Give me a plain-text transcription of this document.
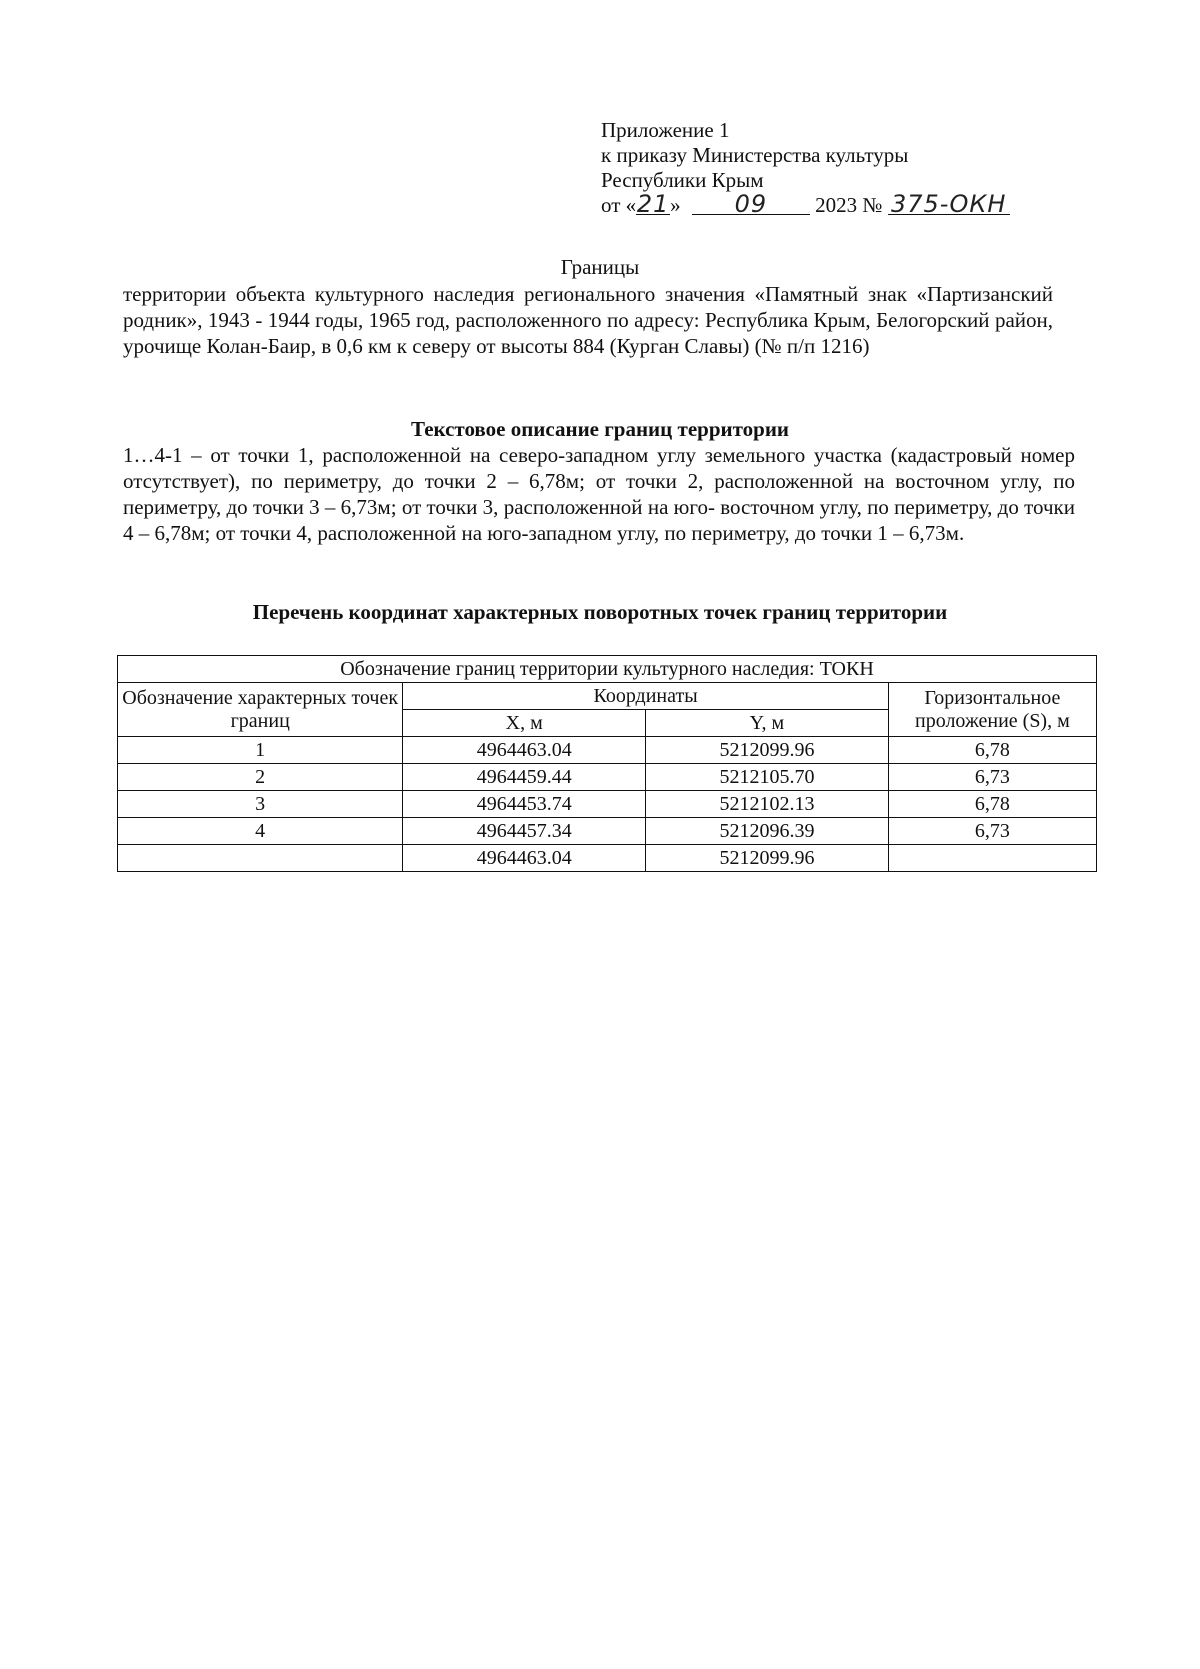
Приложение 1
к приказу Министерства культуры
Республики Крым
от «21» 09 2023 № 375-ОКН
Границы
территории объекта культурного наследия регионального значения «Памятный знак «Партизанский родник», 1943 - 1944 годы, 1965 год, расположенного по адресу: Республика Крым, Белогорский район, урочище Колан-Баир, в 0,6 км к северу от высоты 884 (Курган Славы) (№ п/п 1216)
Текстовое описание границ территории
1…4-1 – от точки 1, расположенной на северо-западном углу земельного участка (кадастровый номер отсутствует), по периметру, до точки 2 – 6,78м; от точки 2, расположенной на восточном углу, по периметру, до точки 3 – 6,73м; от точки 3, расположенной на юго- восточном углу, по периметру, до точки 4 – 6,78м; от точки 4, расположенной на юго-западном углу, по периметру, до точки 1 – 6,73м.
Перечень координат характерных поворотных точек границ территории
Обозначение границ территории культурного наследия: ТОКН			
Обозначение характерных точек границ	Координаты		Горизонтальное проложение (S), м
	X, м	Y, м	
1	4964463.04	5212099.96	6,78
2	4964459.44	5212105.70	6,73
3	4964453.74	5212102.13	6,78
4	4964457.34	5212096.39	6,73
	4964463.04	5212099.96	
